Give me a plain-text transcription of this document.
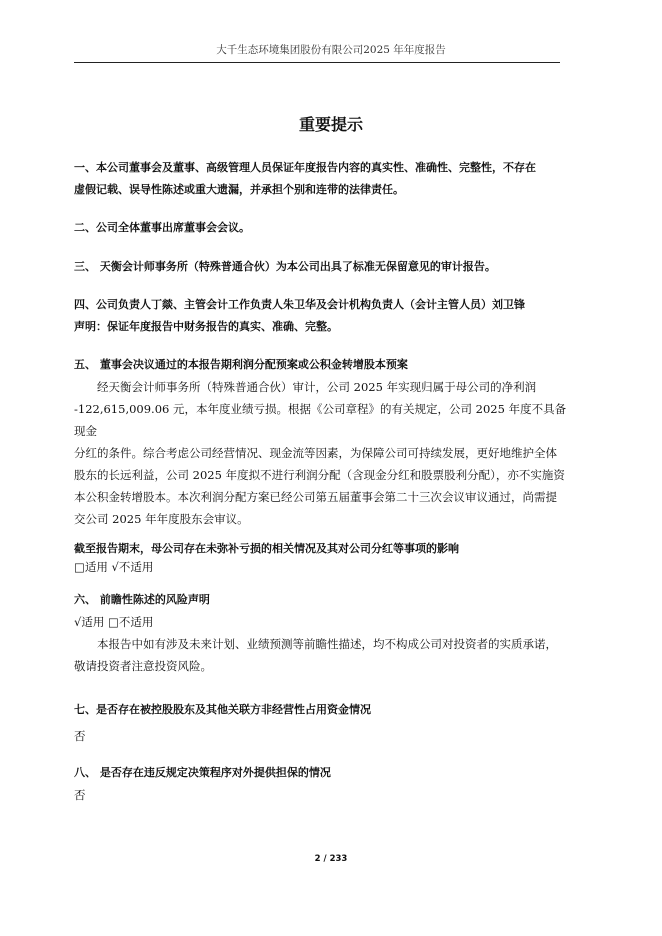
大千生态环境集团股份有限公司2025 年年度报告
重要提示

一、本公司董事会及董事、高级管理人员保证年度报告内容的真实性、准确性、完整性，不存在

虚假记载、误导性陈述或重大遗漏，并承担个别和连带的法律责任。

二、公司全体董事出席董事会会议。

三、 天衡会计师事务所（特殊普通合伙）为本公司出具了标准无保留意见的审计报告。

四、公司负责人丁燚、主管会计工作负责人朱卫华及会计机构负责人（会计主管人员）刘卫锋

声明：保证年度报告中财务报告的真实、准确、完整。

五、 董事会决议通过的本报告期利润分配预案或公积金转增股本预案

经天衡会计师事务所（特殊普通合伙）审计，公司 2025 年实现归属于母公司的净利润

-122,615,009.06 元，本年度业绩亏损。根据《公司章程》的有关规定，公司 2025 年度不具备现金

分红的条件。综合考虑公司经营情况、现金流等因素，为保障公司可持续发展，更好地维护全体

股东的长远利益，公司 2025 年度拟不进行利润分配（含现金分红和股票股利分配），亦不实施资

本公积金转增股本。本次利润分配方案已经公司第五届董事会第二十三次会议审议通过，尚需提

交公司 2025 年年度股东会审议。

截至报告期末，母公司存在未弥补亏损的相关情况及其对公司分红等事项的影响

□适用 √不适用

六、 前瞻性陈述的风险声明

√适用 □不适用

本报告中如有涉及未来计划、业绩预测等前瞻性描述，均不构成公司对投资者的实质承诺，

敬请投资者注意投资风险。

七、是否存在被控股股东及其他关联方非经营性占用资金情况

否

八、 是否存在违反规定决策程序对外提供担保的情况

否

2 / 233
